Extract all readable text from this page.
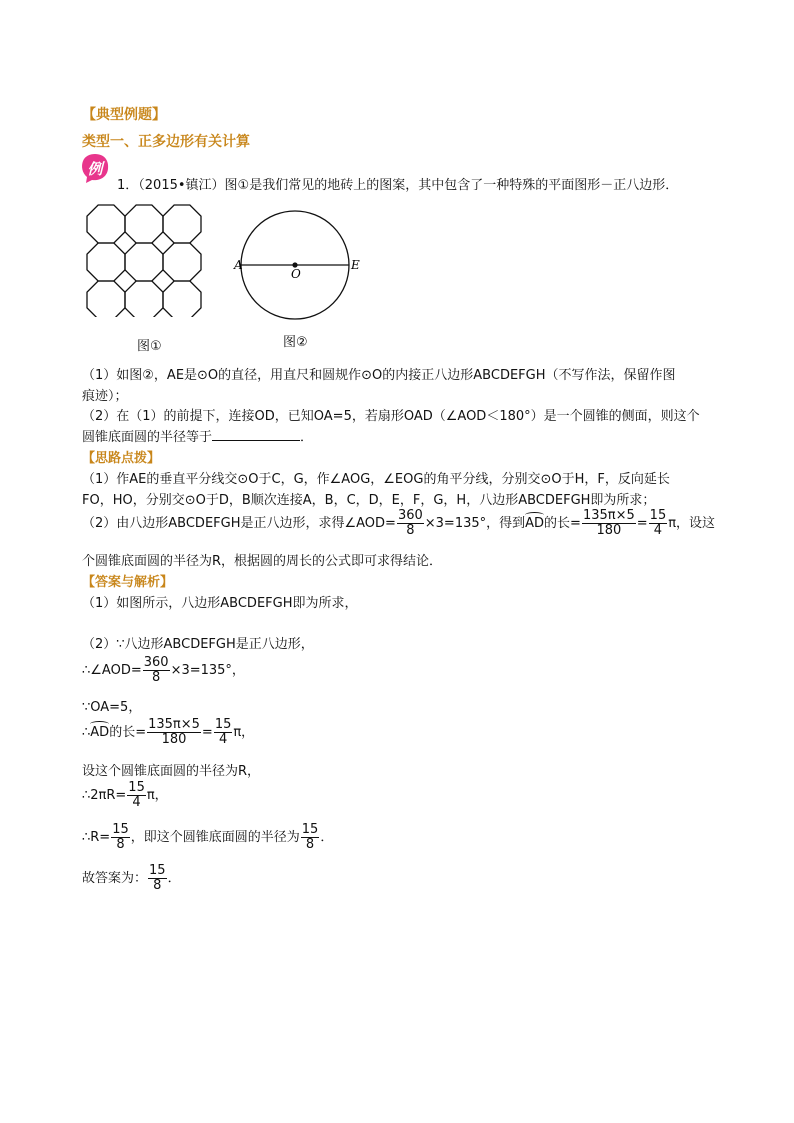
【典型例题】
类型一、正多边形有关计算
例
1．（2015•镇江）图①是我们常见的地砖上的图案，其中包含了一种特殊的平面图形－正八边形．
图①
A
O
E
图②
（1）如图②，AE是⊙O的直径，用直尺和圆规作⊙O的内接正八边形ABCDEFGH（不写作法，保留作图
痕迹）；
（2）在（1）的前提下，连接OD，已知OA=5，若扇形OAD（∠AOD＜180°）是一个圆锥的侧面，则这个
圆锥底面圆的半径等于	．
【思路点拨】
（1）作AE的垂直平分线交⊙O于C，G，作∠AOG，∠EOG的角平分线，分别交⊙O于H，F，反向延长
FO，HO，分别交⊙O于D，B顺次连接A，B，C，D，E，F，G，H，八边形ABCDEFGH即为所求；
（2）由八边形ABCDEFGH是正八边形，求得∠AOD= $\frac{360}{8} \times 3=135^\circ$，得到AD的长= $\frac{135\pi\times 5}{180} = \frac{15}{4}$ π，设这
个圆锥底面圆的半径为R，根据圆的周长的公式即可求得结论．
【答案与解析】
（1）如图所示，八边形ABCDEFGH即为所求，
（2）∵八边形ABCDEFGH是正八边形，
∴∠AOD= $\frac{360}{8} \times 3=135^\circ$，
∵OA=5，
∴AD的长= $\frac{135\pi\times 5}{180} = \frac{15}{4}$ π，
设这个圆锥底面圆的半径为R，
∴2πR= $\frac{15}{4}$ π，
∴R= $\frac{15}{8}$ ，即这个圆锥底面圆的半径为 $\frac{15}{8}$ ．
故答案为： $\frac{15}{8}$ ．
